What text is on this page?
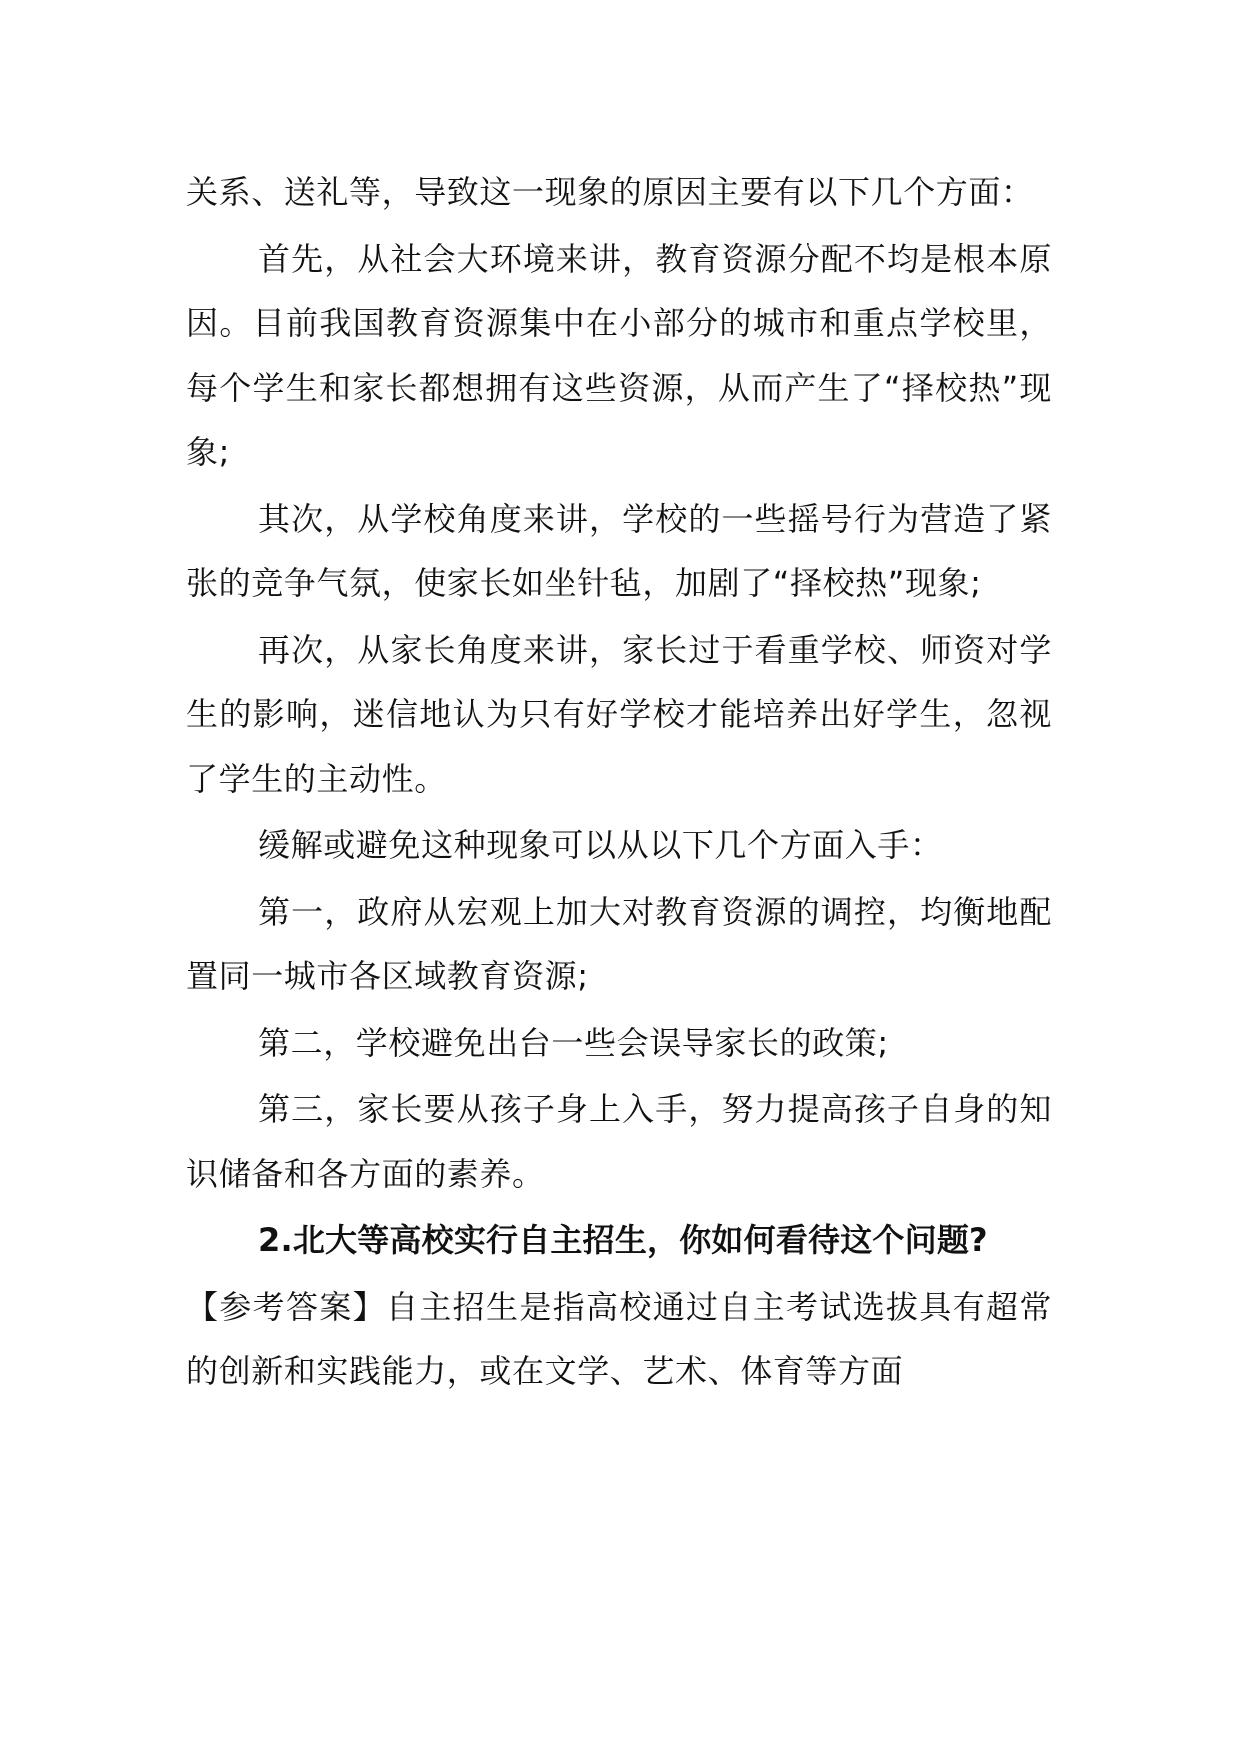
关系、送礼等，导致这一现象的原因主要有以下几个方面：

首先，从社会大环境来讲，教育资源分配不均是根本原因。目前我国教育资源集中在小部分的城市和重点学校里，每个学生和家长都想拥有这些资源，从而产生了“择校热”现象;

其次，从学校角度来讲，学校的一些摇号行为营造了紧张的竞争气氛，使家长如坐针毡，加剧了“择校热”现象;

再次，从家长角度来讲，家长过于看重学校、师资对学生的影响，迷信地认为只有好学校才能培养出好学生，忽视了学生的主动性。

缓解或避免这种现象可以从以下几个方面入手：

第一，政府从宏观上加大对教育资源的调控，均衡地配置同一城市各区域教育资源;

第二，学校避免出台一些会误导家长的政策;

第三，家长要从孩子身上入手，努力提高孩子自身的知识储备和各方面的素养。

2.北大等高校实行自主招生，你如何看待这个问题?

【参考答案】自主招生是指高校通过自主考试选拔具有超常的创新和实践能力，或在文学、艺术、体育等方面
